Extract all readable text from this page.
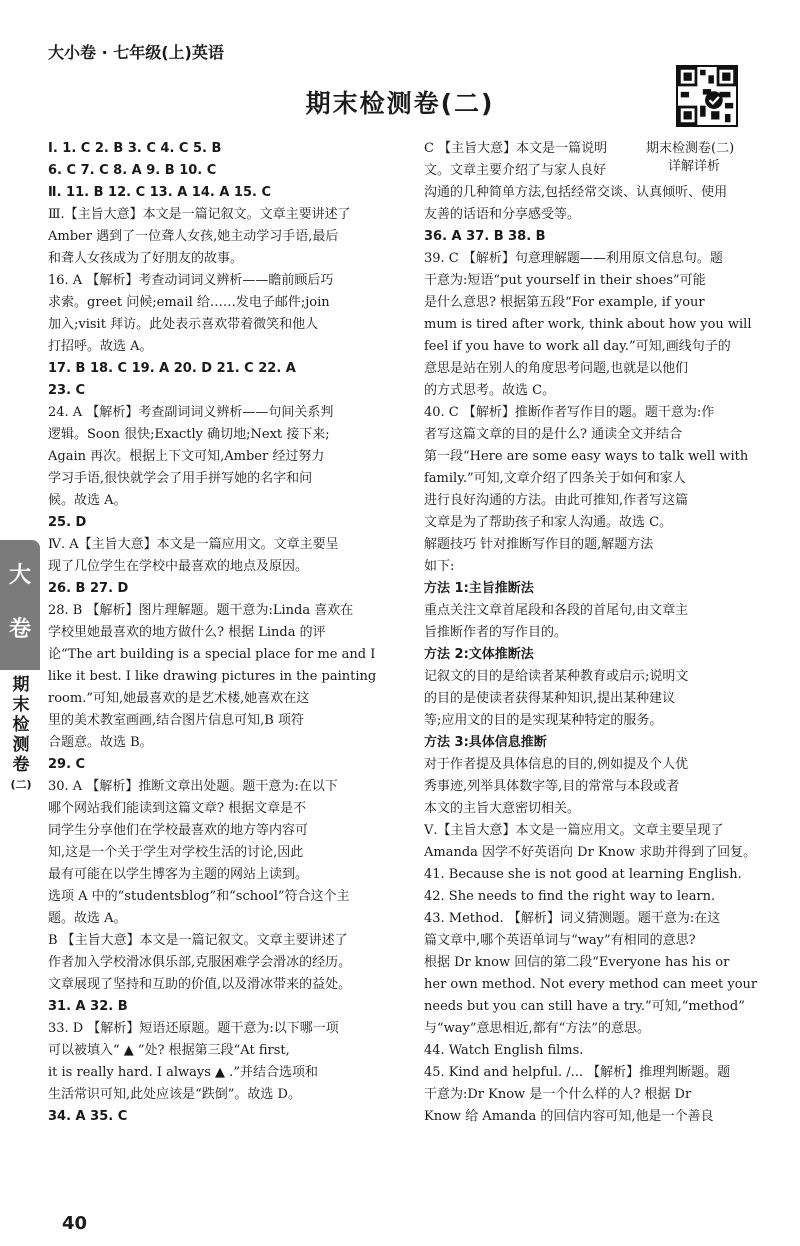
大小卷 · 七年级(上)英语
期末检测卷(二)
期末检测卷(二)
详解详析
大
卷
期
末
检
测
卷
(二)
Ⅰ. 1. C 2. B 3. C 4. C 5. B
6. C 7. C 8. A 9. B 10. C
Ⅱ. 11. B 12. C 13. A 14. A 15. C
Ⅲ.【主旨大意】本文是一篇记叙文。文章主要讲述了
Amber 遇到了一位聋人女孩,她主动学习手语,最后
和聋人女孩成为了好朋友的故事。
16. A 【解析】考查动词词义辨析——瞻前顾后巧
求索。greet 问候;email 给……发电子邮件;join
加入;visit 拜访。此处表示喜欢带着微笑和他人
打招呼。故选 A。
17. B 18. C 19. A 20. D 21. C 22. A
23. C
24. A 【解析】考查副词词义辨析——句间关系判
逻辑。Soon 很快;Exactly 确切地;Next 接下来;
Again 再次。根据上下文可知,Amber 经过努力
学习手语,很快就学会了用手拼写她的名字和问
候。故选 A。
25. D
Ⅳ. A【主旨大意】本文是一篇应用文。文章主要呈
现了几位学生在学校中最喜欢的地点及原因。
26. B 27. D
28. B 【解析】图片理解题。题干意为:Linda 喜欢在
学校里她最喜欢的地方做什么? 根据 Linda 的评
论“The art building is a special place for me and I
like it best. I like drawing pictures in the painting
room.”可知,她最喜欢的是艺术楼,她喜欢在这
里的美术教室画画,结合图片信息可知,B 项符
合题意。故选 B。
29. C
30. A 【解析】推断文章出处题。题干意为:在以下
哪个网站我们能读到这篇文章? 根据文章是不
同学生分享他们在学校最喜欢的地方等内容可
知,这是一个关于学生对学校生活的讨论,因此
最有可能在以学生博客为主题的网站上读到。
选项 A 中的“studentsblog”和“school”符合这个主
题。故选 A。
B 【主旨大意】本文是一篇记叙文。文章主要讲述了
作者加入学校滑冰俱乐部,克服困难学会滑冰的经历。
文章展现了坚持和互助的价值,以及滑冰带来的益处。
31. A 32. B
33. D 【解析】短语还原题。题干意为:以下哪一项
可以被填入“ ▲ ”处? 根据第三段“At first,
it is really hard. I always ▲ .”并结合选项和
生活常识可知,此处应该是“跌倒”。故选 D。
34. A 35. C
C 【主旨大意】本文是一篇说明
文。文章主要介绍了与家人良好
沟通的几种简单方法,包括经常交谈、认真倾听、使用
友善的话语和分享感受等。
36. A 37. B 38. B
39. C 【解析】句意理解题——利用原文信息句。题
干意为:短语“put yourself in their shoes”可能
是什么意思? 根据第五段“For example, if your
mum is tired after work, think about how you will
feel if you have to work all day.”可知,画线句子的
意思是站在别人的角度思考问题,也就是以他们
的方式思考。故选 C。
40. C 【解析】推断作者写作目的题。题干意为:作
者写这篇文章的目的是什么? 通读全文并结合
第一段“Here are some easy ways to talk well with
family.”可知,文章介绍了四条关于如何和家人
进行良好沟通的方法。由此可推知,作者写这篇
文章是为了帮助孩子和家人沟通。故选 C。
解题技巧 针对推断写作目的题,解题方法
如下:
方法 1:主旨推断法
重点关注文章首尾段和各段的首尾句,由文章主
旨推断作者的写作目的。
方法 2:文体推断法
记叙文的目的是给读者某种教育或启示;说明文
的目的是使读者获得某种知识,提出某种建议
等;应用文的目的是实现某种特定的服务。
方法 3:具体信息推断
对于作者提及具体信息的目的,例如提及个人优
秀事迹,列举具体数字等,目的常常与本段或者
本文的主旨大意密切相关。
Ⅴ.【主旨大意】本文是一篇应用文。文章主要呈现了
Amanda 因学不好英语向 Dr Know 求助并得到了回复。
41. Because she is not good at learning English.
42. She needs to find the right way to learn.
43. Method. 【解析】词义猜测题。题干意为:在这
篇文章中,哪个英语单词与“way”有相同的意思?
根据 Dr know 回信的第二段“Everyone has his or
her own method. Not every method can meet your
needs but you can still have a try.”可知,“method”
与“way”意思相近,都有“方法”的意思。
44. Watch English films.
45. Kind and helpful. /... 【解析】推理判断题。题
干意为:Dr Know 是一个什么样的人? 根据 Dr
Know 给 Amanda 的回信内容可知,他是一个善良
40
